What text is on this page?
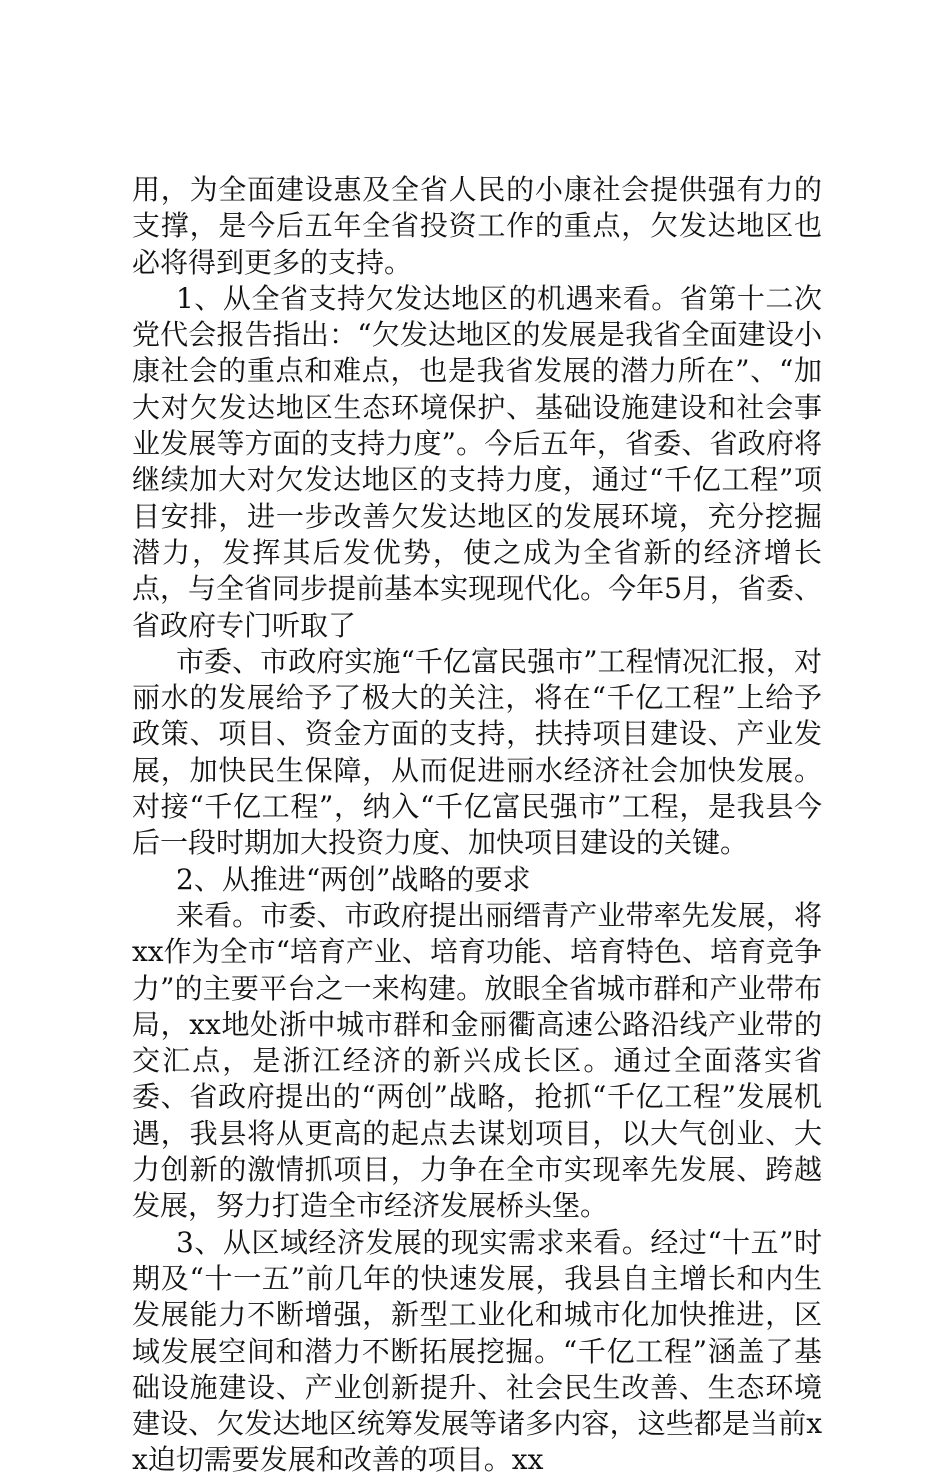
用，为全面建设惠及全省人民的小康社会提供强有力的支撑，是今后五年全省投资工作的重点，欠发达地区也必将得到更多的支持。

1、从全省支持欠发达地区的机遇来看。省第十二次党代会报告指出：“欠发达地区的发展是我省全面建设小康社会的重点和难点，也是我省发展的潜力所在”、“加大对欠发达地区生态环境保护、基础设施建设和社会事业发展等方面的支持力度”。今后五年，省委、省政府将继续加大对欠发达地区的支持力度，通过“千亿工程”项目安排，进一步改善欠发达地区的发展环境，充分挖掘潜力，发挥其后发优势，使之成为全省新的经济增长点，与全省同步提前基本实现现代化。今年5月，省委、省政府专门听取了

市委、市政府实施“千亿富民强市”工程情况汇报，对丽水的发展给予了极大的关注，将在“千亿工程”上给予政策、项目、资金方面的支持，扶持项目建设、产业发展，加快民生保障，从而促进丽水经济社会加快发展。对接“千亿工程”，纳入“千亿富民强市”工程，是我县今后一段时期加大投资力度、加快项目建设的关键。

2、从推进“两创”战略的要求

来看。市委、市政府提出丽缙青产业带率先发展，将xx作为全市“培育产业、培育功能、培育特色、培育竞争力”的主要平台之一来构建。放眼全省城市群和产业带布局，xx地处浙中城市群和金丽衢高速公路沿线产业带的交汇点，是浙江经济的新兴成长区。通过全面落实省委、省政府提出的“两创”战略，抢抓“千亿工程”发展机遇，我县将从更高的起点去谋划项目，以大气创业、大力创新的激情抓项目，力争在全市实现率先发展、跨越发展，努力打造全市经济发展桥头堡。

3、从区域经济发展的现实需求来看。经过“十五”时期及“十一五”前几年的快速发展，我县自主增长和内生发展能力不断增强，新型工业化和城市化加快推进，区域发展空间和潜力不断拓展挖掘。“千亿工程”涵盖了基础设施建设、产业创新提升、社会民生改善、生态环境建设、欠发达地区统筹发展等诸多内容，这些都是当前xx迫切需要发展和改善的项目。xx
